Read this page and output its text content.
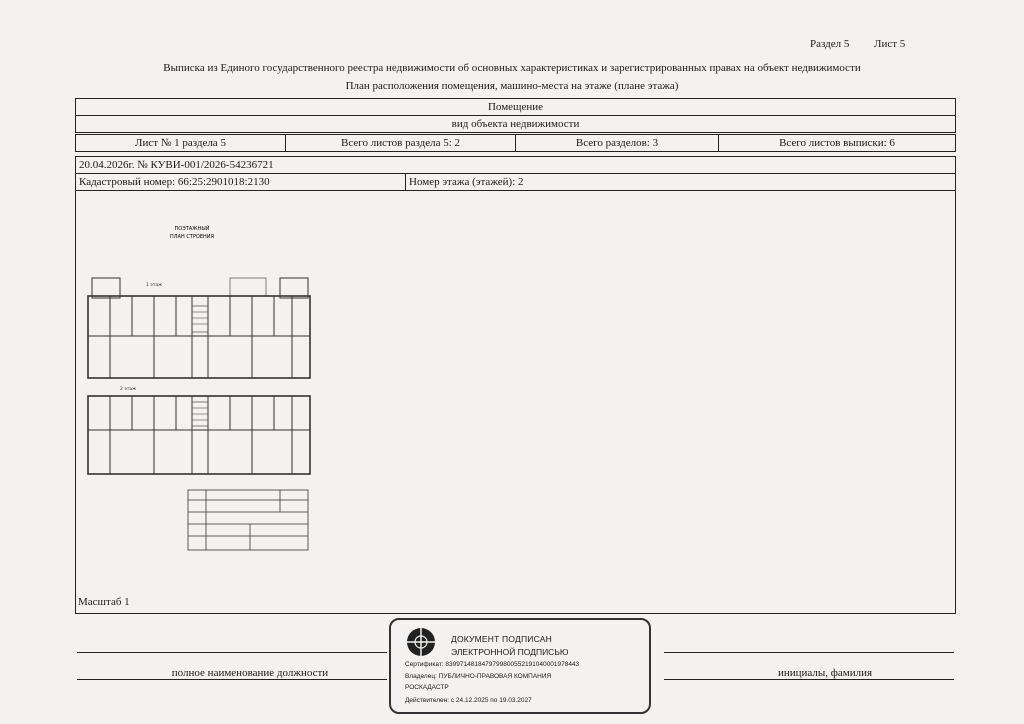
Раздел 5 Лист 5
Выписка из Единого государственного реестра недвижимости об основных характеристиках и зарегистрированных правах на объект недвижимости
План расположения помещения, машино-места на этаже (плане этажа)
Помещение
вид объекта недвижимости
Лист № 1 раздела 5	Всего листов раздела 5: 2	Всего разделов: 3	Всего листов выписки: 6
20.04.2026г. № КУВИ-001/2026-54236721
Кадастровый номер: 66:25:2901018:2130	Номер этажа (этажей): 2
ПОЭТАЖНЫЙ
ПЛАН СТРОЕНИЯ
1 этаж
2 этаж
Масштаб 1
полное наименование должности	инициалы, фамилия
ДОКУМЕНТ ПОДПИСАН
ЭЛЕКТРОННОЙ ПОДПИСЬЮ
Сертификат: 8399714818479799800552191040001978443
Владелец: ПУБЛИЧНО-ПРАВОВАЯ КОМПАНИЯ
РОСКАДАСТР
Действителен: с 24.12.2025 по 19.03.2027
